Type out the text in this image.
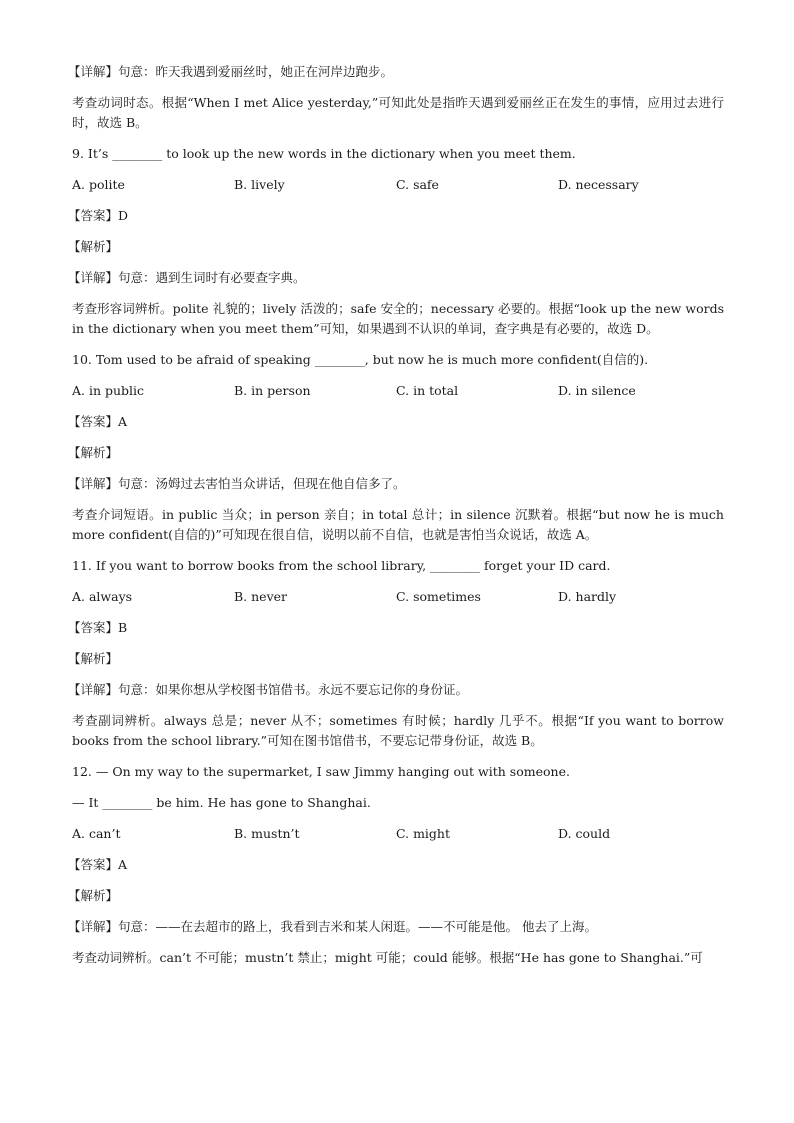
【详解】句意：昨天我遇到爱丽丝时，她正在河岸边跑步。
考查动词时态。根据“When I met Alice yesterday,”可知此处是指昨天遇到爱丽丝正在发生的事情，应用过去进行时，故选 B。
9. It’s ________ to look up the new words in the dictionary when you meet them.
A. polite	B. lively	C. safe	D. necessary
【答案】D
【解析】
【详解】句意：遇到生词时有必要查字典。
考查形容词辨析。polite 礼貌的；lively 活泼的；safe 安全的；necessary 必要的。根据“look up the new words in the dictionary when you meet them”可知，如果遇到不认识的单词，查字典是有必要的，故选 D。
10. Tom used to be afraid of speaking ________, but now he is much more confident(自信的).
A. in public	B. in person	C. in total	D. in silence
【答案】A
【解析】
【详解】句意：汤姆过去害怕当众讲话，但现在他自信多了。
考查介词短语。in public 当众；in person 亲自；in total 总计；in silence 沉默着。根据“but now he is much more confident(自信的)”可知现在很自信，说明以前不自信，也就是害怕当众说话，故选 A。
11. If you want to borrow books from the school library, ________ forget your ID card.
A. always	B. never	C. sometimes	D. hardly
【答案】B
【解析】
【详解】句意：如果你想从学校图书馆借书。永远不要忘记你的身份证。
考查副词辨析。always 总是；never 从不；sometimes 有时候；hardly 几乎不。根据“If you want to borrow books from the school library.”可知在图书馆借书，不要忘记带身份证，故选 B。
12. — On my way to the supermarket, I saw Jimmy hanging out with someone.
— It ________ be him. He has gone to Shanghai.
A. can’t	B. mustn’t	C. might	D. could
【答案】A
【解析】
【详解】句意：——在去超市的路上，我看到吉米和某人闲逛。——不可能是他。 他去了上海。
考查动词辨析。can’t 不可能；mustn’t 禁止；might 可能；could 能够。根据“He has gone to Shanghai.”可
